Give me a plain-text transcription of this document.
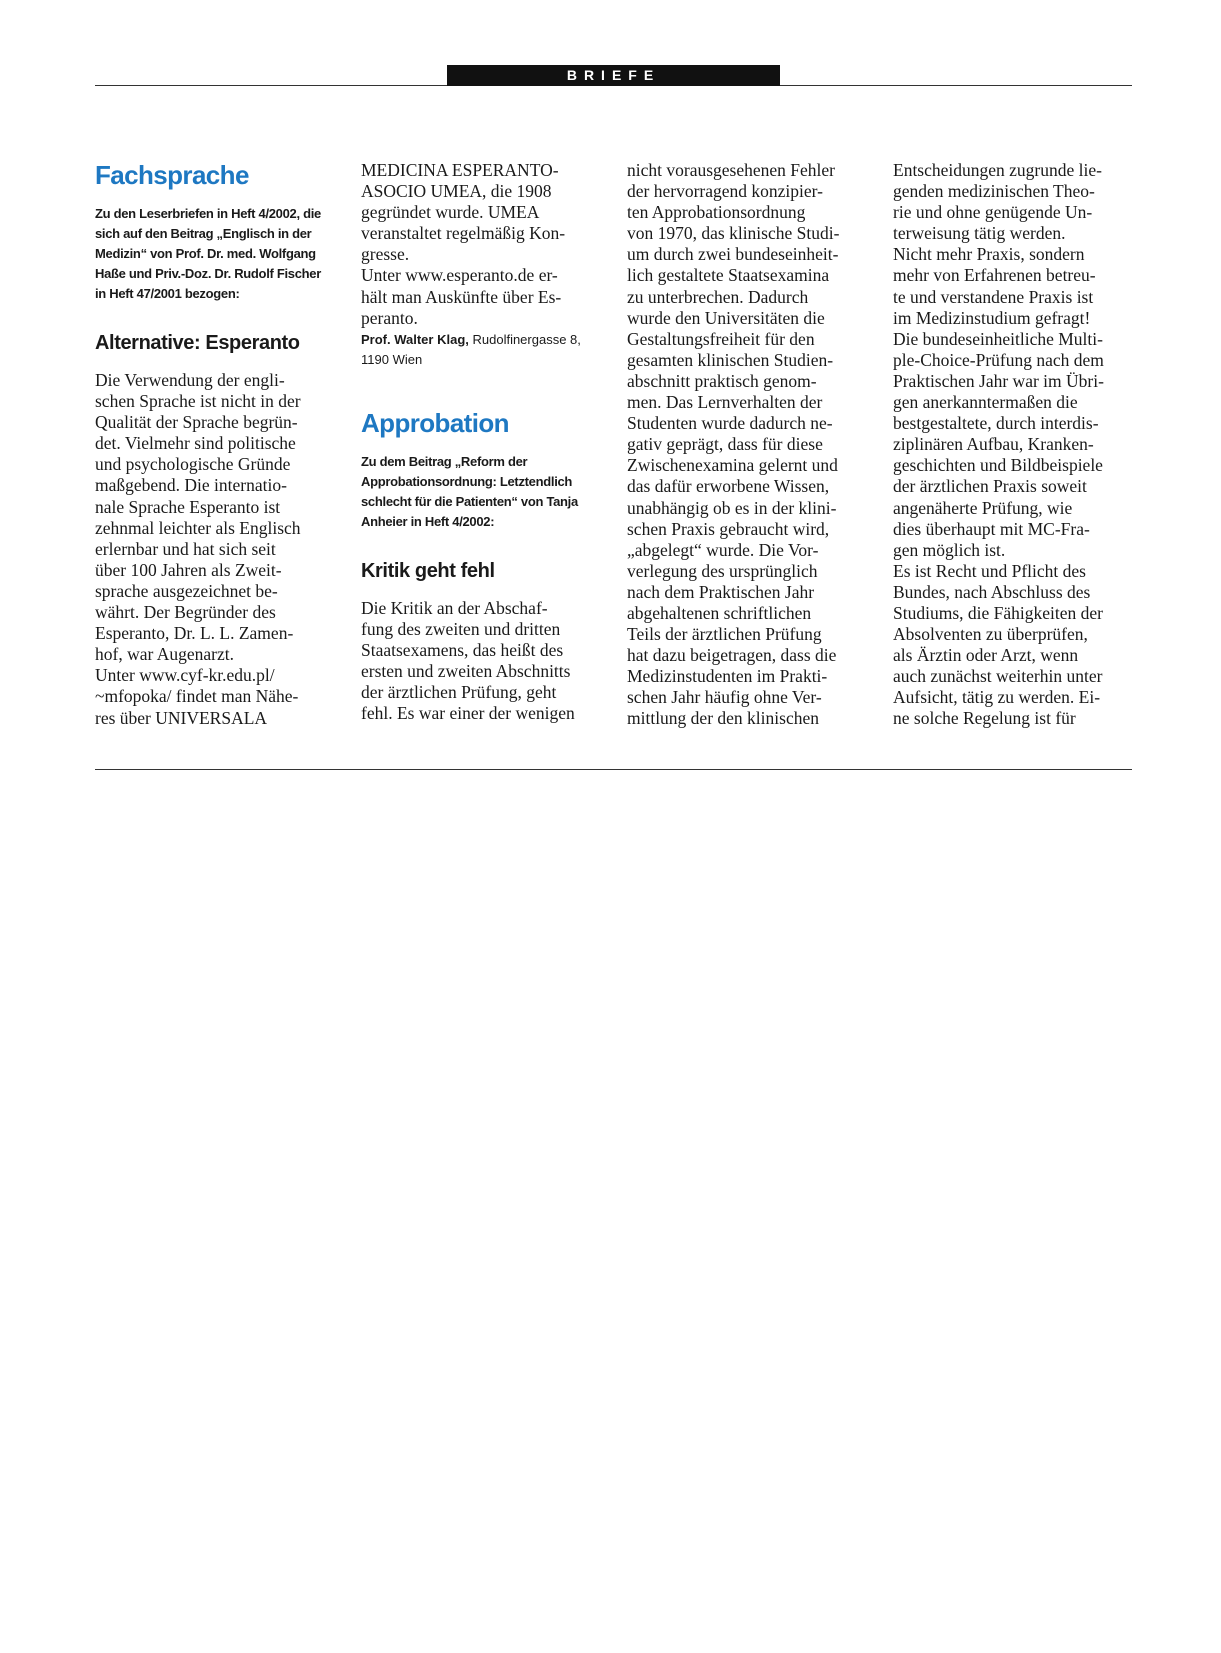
BRIEFE
Fachsprache
Zu den Leserbriefen in Heft 4/2002, die sich auf den Beitrag „Englisch in der Medizin“ von Prof. Dr. med. Wolfgang Haße und Priv.-Doz. Dr. Rudolf Fischer in Heft 47/2001 bezogen:
Alternative: Esperanto

Die Verwendung der engli-
schen Sprache ist nicht in der
Qualität der Sprache begrün-
det. Vielmehr sind politische
und psychologische Gründe
maßgebend. Die internatio-
nale Sprache Esperanto ist
zehnmal leichter als Englisch
erlernbar und hat sich seit
über 100 Jahren als Zweit-
sprache ausgezeichnet be-
währt. Der Begründer des
Esperanto, Dr. L. L. Zamen-
hof, war Augenarzt.
Unter www.cyf-kr.edu.pl/
~mfopoka/ findet man Nähe-
res über UNIVERSALA

MEDICINA ESPERANTO-
ASOCIO UMEA, die 1908
gegründet wurde. UMEA
veranstaltet regelmäßig Kon-
gresse.
Unter www.esperanto.de er-
hält man Auskünfte über Es-
peranto.

Prof. Walter Klag, Rudolfinergasse 8, 1190 Wien
Approbation
Zu dem Beitrag „Reform der Approbationsordnung: Letztendlich schlecht für die Patienten“ von Tanja Anheier in Heft 4/2002:
Kritik geht fehl

Die Kritik an der Abschaf-
fung des zweiten und dritten
Staatsexamens, das heißt des
ersten und zweiten Abschnitts
der ärztlichen Prüfung, geht
fehl. Es war einer der wenigen

nicht vorausgesehenen Fehler
der hervorragend konzipier-
ten Approbationsordnung
von 1970, das klinische Studi-
um durch zwei bundeseinheit-
lich gestaltete Staatsexamina
zu unterbrechen. Dadurch
wurde den Universitäten die
Gestaltungsfreiheit für den
gesamten klinischen Studien-
abschnitt praktisch genom-
men. Das Lernverhalten der
Studenten wurde dadurch ne-
gativ geprägt, dass für diese
Zwischenexamina gelernt und
das dafür erworbene Wissen,
unabhängig ob es in der klini-
schen Praxis gebraucht wird,
„abgelegt“ wurde. Die Vor-
verlegung des ursprünglich
nach dem Praktischen Jahr
abgehaltenen schriftlichen
Teils der ärztlichen Prüfung
hat dazu beigetragen, dass die
Medizinstudenten im Prakti-
schen Jahr häufig ohne Ver-
mittlung der den klinischen

Entscheidungen zugrunde lie-
genden medizinischen Theo-
rie und ohne genügende Un-
terweisung tätig werden.
Nicht mehr Praxis, sondern
mehr von Erfahrenen betreu-
te und verstandene Praxis ist
im Medizinstudium gefragt!
Die bundeseinheitliche Multi-
ple-Choice-Prüfung nach dem
Praktischen Jahr war im Übri-
gen anerkanntermaßen die
bestgestaltete, durch interdis-
ziplinären Aufbau, Kranken-
geschichten und Bildbeispiele
der ärztlichen Praxis soweit
angenäherte Prüfung, wie
dies überhaupt mit MC-Fra-
gen möglich ist.
Es ist Recht und Pflicht des
Bundes, nach Abschluss des
Studiums, die Fähigkeiten der
Absolventen zu überprüfen,
als Ärztin oder Arzt, wenn
auch zunächst weiterhin unter
Aufsicht, tätig zu werden. Ei-
ne solche Regelung ist für
